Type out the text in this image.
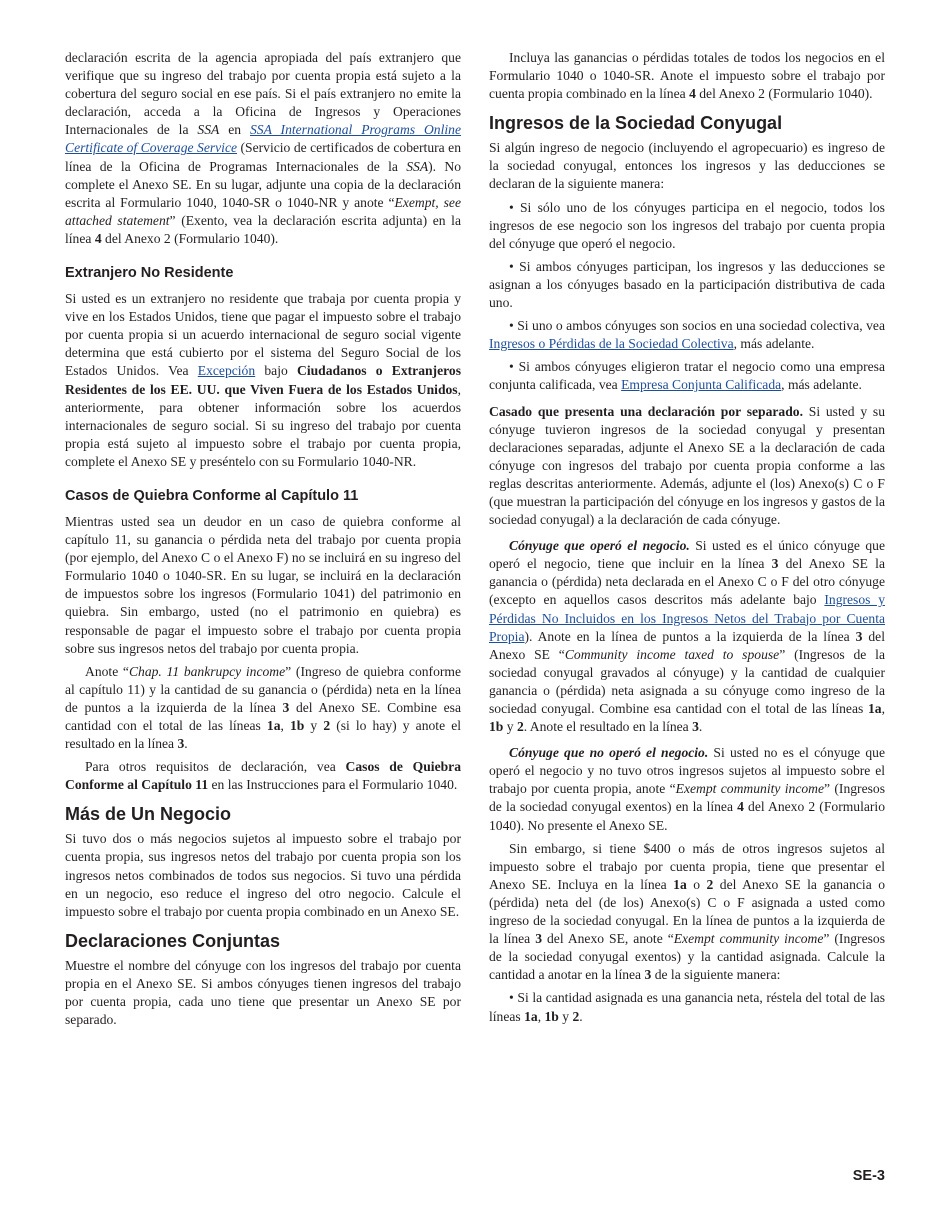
declaración escrita de la agencia apropiada del país extranjero que verifique que su ingreso del trabajo por cuenta propia está sujeto a la cobertura del seguro social en ese país. Si el país extranjero no emite la declaración, acceda a la Oficina de Ingresos y Operaciones Internacionales de la SSA en SSA International Programs Online Certificate of Coverage Service (Servicio de certificados de cobertura en línea de la Oficina de Programas Internacionales de la SSA). No complete el Anexo SE. En su lugar, adjunte una copia de la declaración escrita al Formulario 1040, 1040-SR o 1040-NR y anote “Exempt, see attached statement” (Exento, vea la declaración escrita adjunta) en la línea 4 del Anexo 2 (Formulario 1040).

Extranjero No Residente

Si usted es un extranjero no residente que trabaja por cuenta propia y vive en los Estados Unidos, tiene que pagar el impuesto sobre el trabajo por cuenta propia si un acuerdo internacional de seguro social vigente determina que está cubierto por el sistema del Seguro Social de los Estados Unidos. Vea Excepción bajo Ciudadanos o Extranjeros Residentes de los EE. UU. que Viven Fuera de los Estados Unidos, anteriormente, para obtener información sobre los acuerdos internacionales de seguro social. Si su ingreso del trabajo por cuenta propia está sujeto al impuesto sobre el trabajo por cuenta propia, complete el Anexo SE y preséntelo con su Formulario 1040-NR.

Casos de Quiebra Conforme al Capítulo 11

Mientras usted sea un deudor en un caso de quiebra conforme al capítulo 11, su ganancia o pérdida neta del trabajo por cuenta propia (por ejemplo, del Anexo C o el Anexo F) no se incluirá en su ingreso del Formulario 1040 o 1040-SR. En su lugar, se incluirá en la declaración de impuestos sobre los ingresos (Formulario 1041) del patrimonio en quiebra. Sin embargo, usted (no el patrimonio en quiebra) es responsable de pagar el impuesto sobre el trabajo por cuenta propia sobre sus ingresos netos del trabajo por cuenta propia.

Anote “Chap. 11 bankrupcy income” (Ingreso de quiebra conforme al capítulo 11) y la cantidad de su ganancia o (pérdida) neta en la línea de puntos a la izquierda de la línea 3 del Anexo SE. Combine esa cantidad con el total de las líneas 1a, 1b y 2 (si lo hay) y anote el resultado en la línea 3.

Para otros requisitos de declaración, vea Casos de Quiebra Conforme al Capítulo 11 en las Instrucciones para el Formulario 1040.

Más de Un Negocio

Si tuvo dos o más negocios sujetos al impuesto sobre el trabajo por cuenta propia, sus ingresos netos del trabajo por cuenta propia son los ingresos netos combinados de todos sus negocios. Si tuvo una pérdida en un negocio, eso reduce el ingreso del otro negocio. Calcule el impuesto sobre el trabajo por cuenta propia combinado en un Anexo SE.

Declaraciones Conjuntas

Muestre el nombre del cónyuge con los ingresos del trabajo por cuenta propia en el Anexo SE. Si ambos cónyuges tienen ingresos del trabajo por cuenta propia, cada uno tiene que presentar un Anexo SE por separado.

Incluya las ganancias o pérdidas totales de todos los negocios en el Formulario 1040 o 1040-SR. Anote el impuesto sobre el trabajo por cuenta propia combinado en la línea 4 del Anexo 2 (Formulario 1040).

Ingresos de la Sociedad Conyugal

Si algún ingreso de negocio (incluyendo el agropecuario) es ingreso de la sociedad conyugal, entonces los ingresos y las deducciones se declaran de la siguiente manera:

• Si sólo uno de los cónyuges participa en el negocio, todos los ingresos de ese negocio son los ingresos del trabajo por cuenta propia del cónyuge que operó el negocio.

• Si ambos cónyuges participan, los ingresos y las deducciones se asignan a los cónyuges basado en la participación distributiva de cada uno.

• Si uno o ambos cónyuges son socios en una sociedad colectiva, vea Ingresos o Pérdidas de la Sociedad Colectiva, más adelante.

• Si ambos cónyuges eligieron tratar el negocio como una empresa conjunta calificada, vea Empresa Conjunta Calificada, más adelante.

Casado que presenta una declaración por separado. Si usted y su cónyuge tuvieron ingresos de la sociedad conyugal y presentan declaraciones separadas, adjunte el Anexo SE a la declaración de cada cónyuge con ingresos del trabajo por cuenta propia conforme a las reglas descritas anteriormente. Además, adjunte el (los) Anexo(s) C o F (que muestran la participación del cónyuge en los ingresos y gastos de la sociedad conyugal) a la declaración de cada cónyuge.

Cónyuge que operó el negocio. Si usted es el único cónyuge que operó el negocio, tiene que incluir en la línea 3 del Anexo SE la ganancia o (pérdida) neta declarada en el Anexo C o F del otro cónyuge (excepto en aquellos casos descritos más adelante bajo Ingresos y Pérdidas No Incluidos en los Ingresos Netos del Trabajo por Cuenta Propia). Anote en la línea de puntos a la izquierda de la línea 3 del Anexo SE “Community income taxed to spouse” (Ingresos de la sociedad conyugal gravados al cónyuge) y la cantidad de cualquier ganancia o (pérdida) neta asignada a su cónyuge como ingreso de la sociedad conyugal. Combine esa cantidad con el total de las líneas 1a, 1b y 2. Anote el resultado en la línea 3.

Cónyuge que no operó el negocio. Si usted no es el cónyuge que operó el negocio y no tuvo otros ingresos sujetos al impuesto sobre el trabajo por cuenta propia, anote “Exempt community income” (Ingresos de la sociedad conyugal exentos) en la línea 4 del Anexo 2 (Formulario 1040). No presente el Anexo SE.

Sin embargo, si tiene $400 o más de otros ingresos sujetos al impuesto sobre el trabajo por cuenta propia, tiene que presentar el Anexo SE. Incluya en la línea 1a o 2 del Anexo SE la ganancia o (pérdida) neta del (de los) Anexo(s) C o F asignada a usted como ingreso de la sociedad conyugal. En la línea de puntos a la izquierda de la línea 3 del Anexo SE, anote “Exempt community income” (Ingresos de la sociedad conyugal exentos) y la cantidad asignada. Calcule la cantidad a anotar en la línea 3 de la siguiente manera:

• Si la cantidad asignada es una ganancia neta, réstela del total de las líneas 1a, 1b y 2.

SE-3
